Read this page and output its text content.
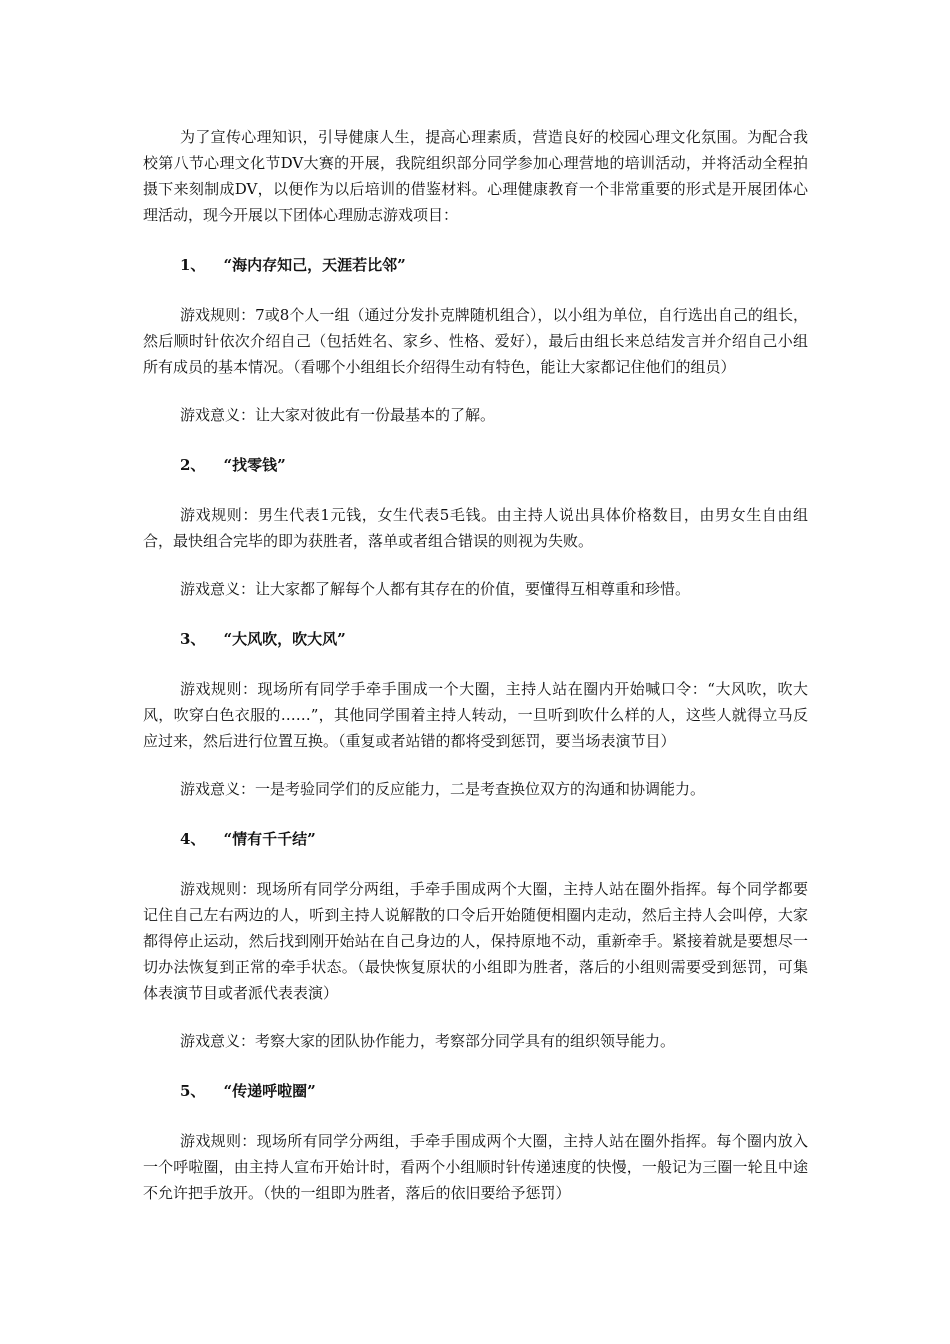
为了宣传心理知识，引导健康人生，提高心理素质，营造良好的校园心理文化氛围。为配合我校第八节心理文化节DV大赛的开展，我院组织部分同学参加心理营地的培训活动，并将活动全程拍摄下来刻制成DV，以便作为以后培训的借鉴材料。心理健康教育一个非常重要的形式是开展团体心理活动，现今开展以下团体心理励志游戏项目：

1、 “海内存知己，天涯若比邻”

游戏规则：7或8个人一组（通过分发扑克牌随机组合），以小组为单位，自行选出自己的组长，然后顺时针依次介绍自己（包括姓名、家乡、性格、爱好），最后由组长来总结发言并介绍自己小组所有成员的基本情况。（看哪个小组组长介绍得生动有特色，能让大家都记住他们的组员）

游戏意义：让大家对彼此有一份最基本的了解。

2、 “找零钱”

游戏规则：男生代表1元钱，女生代表5毛钱。由主持人说出具体价格数目，由男女生自由组合，最快组合完毕的即为获胜者，落单或者组合错误的则视为失败。

游戏意义：让大家都了解每个人都有其存在的价值，要懂得互相尊重和珍惜。

3、 “大风吹，吹大风”

游戏规则：现场所有同学手牵手围成一个大圈，主持人站在圈内开始喊口令：“大风吹，吹大风，吹穿白色衣服的……”，其他同学围着主持人转动，一旦听到吹什么样的人，这些人就得立马反应过来，然后进行位置互换。（重复或者站错的都将受到惩罚，要当场表演节目）

游戏意义：一是考验同学们的反应能力，二是考查换位双方的沟通和协调能力。

4、 “情有千千结”

游戏规则：现场所有同学分两组，手牵手围成两个大圈，主持人站在圈外指挥。每个同学都要记住自己左右两边的人，听到主持人说解散的口令后开始随便相圈内走动，然后主持人会叫停，大家都得停止运动，然后找到刚开始站在自己身边的人，保持原地不动，重新牵手。紧接着就是要想尽一切办法恢复到正常的牵手状态。（最快恢复原状的小组即为胜者，落后的小组则需要受到惩罚，可集体表演节目或者派代表表演）

游戏意义：考察大家的团队协作能力，考察部分同学具有的组织领导能力。

5、 “传递呼啦圈”

游戏规则：现场所有同学分两组，手牵手围成两个大圈，主持人站在圈外指挥。每个圈内放入一个呼啦圈，由主持人宣布开始计时，看两个小组顺时针传递速度的快慢，一般记为三圈一轮且中途不允许把手放开。（快的一组即为胜者，落后的依旧要给予惩罚）
